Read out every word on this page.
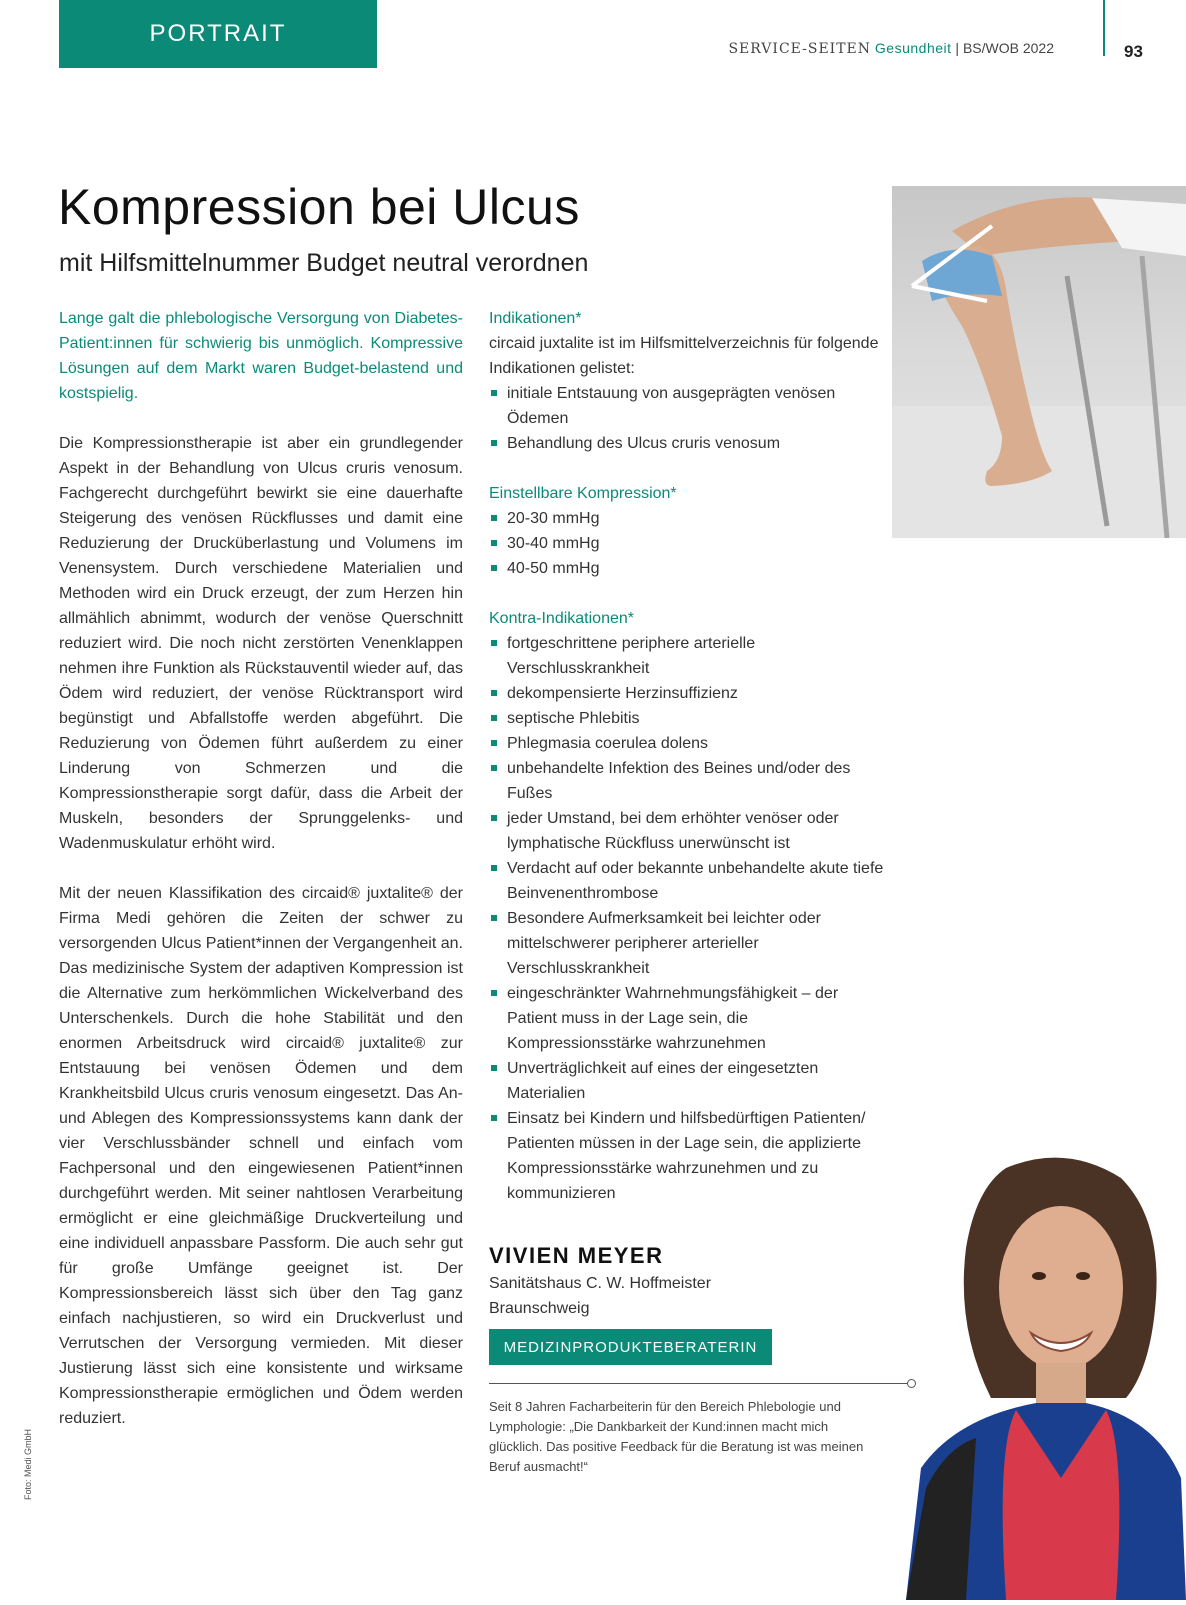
PORTRAIT
SERVICE-SEITEN Gesundheit | BS/WOB 2022	93
Kompression bei Ulcus
mit Hilfsmittelnummer Budget neutral verordnen

Lange galt die phlebologische Versorgung von Diabetes-Patient:innen für schwierig bis unmöglich. Kompressive Lösungen auf dem Markt waren Budget-belastend und kostspielig.

Die Kompressionstherapie ist aber ein grundlegender Aspekt in der Behandlung von Ulcus cruris venosum. Fachgerecht durchgeführt bewirkt sie eine dauerhafte Steigerung des venösen Rückflusses und damit eine Reduzierung der Drucküberlastung und Volumens im Venensystem. Durch verschiedene Materialien und Methoden wird ein Druck erzeugt, der zum Herzen hin allmählich abnimmt, wodurch der venöse Querschnitt reduziert wird. Die noch nicht zerstörten Venenklappen nehmen ihre Funktion als Rückstauventil wieder auf, das Ödem wird reduziert, der venöse Rücktransport wird begünstigt und Abfallstoffe werden abgeführt. Die Reduzierung von Ödemen führt außerdem zu einer Linderung von Schmerzen und die Kompressionstherapie sorgt dafür, dass die Arbeit der Muskeln, besonders der Sprunggelenks- und Wadenmuskulatur erhöht wird.

Mit der neuen Klassifikation des circaid® juxtalite® der Firma Medi gehören die Zeiten der schwer zu versorgenden Ulcus Patient*innen der Vergangenheit an. Das medizinische System der adaptiven Kompression ist die Alternative zum herkömmlichen Wickelverband des Unterschenkels. Durch die hohe Stabilität und den enormen Arbeitsdruck wird circaid® juxtalite® zur Entstauung bei venösen Ödemen und dem Krankheitsbild Ulcus cruris venosum eingesetzt. Das An- und Ablegen des Kompressionssystems kann dank der vier Verschlussbänder schnell und einfach vom Fachpersonal und den eingewiesenen Patient*innen durchgeführt werden. Mit seiner nahtlosen Verarbeitung ermöglicht er eine gleichmäßige Druckverteilung und eine individuell anpassbare Passform. Die auch sehr gut für große Umfänge geeignet ist. Der Kompressionsbereich lässt sich über den Tag ganz einfach nachjustieren, so wird ein Druckverlust und Verrutschen der Versorgung vermieden. Mit dieser Justierung lässt sich eine konsistente und wirksame Kompressionstherapie ermöglichen und Ödem werden reduziert.

Indikationen*

circaid juxtalite ist im Hilfsmittelverzeichnis für folgende Indikationen gelistet:

initiale Entstauung von ausgeprägten venösen Ödemen
Behandlung des Ulcus cruris venosum
Einstellbare Kompression*
20-30 mmHg
30-40 mmHg
40-50 mmHg
Kontra-Indikationen*
fortgeschrittene periphere arterielle Verschlusskrankheit
dekompensierte Herzinsuffizienz
septische Phlebitis
Phlegmasia coerulea dolens
unbehandelte Infektion des Beines und/oder des Fußes
jeder Umstand, bei dem erhöhter venöser oder lymphatische Rückfluss unerwünscht ist
Verdacht auf oder bekannte unbehandelte akute tiefe Beinvenenthrombose
Besondere Aufmerksamkeit bei leichter oder mittelschwerer peripherer arterieller Verschlusskrankheit
eingeschränkter Wahrnehmungsfähigkeit – der Patient muss in der Lage sein, die Kompressionsstärke wahrzunehmen
Unverträglichkeit auf eines der eingesetzten Materialien
Einsatz bei Kindern und hilfsbedürftigen Patienten/ Patienten müssen in der Lage sein, die applizierte Kompressionsstärke wahrzunehmen und zu kommunizieren
VIVIEN MEYER
Sanitätshaus C. W. Hoffmeister
Braunschweig
MEDIZINPRODUKTEBERATERIN

Seit 8 Jahren Facharbeiterin für den Bereich Phlebologie und Lymphologie: „Die Dankbarkeit der Kund:innen macht mich glücklich. Das positive Feedback für die Beratung ist was meinen Beruf ausmacht!“

Foto: Medi GmbH
